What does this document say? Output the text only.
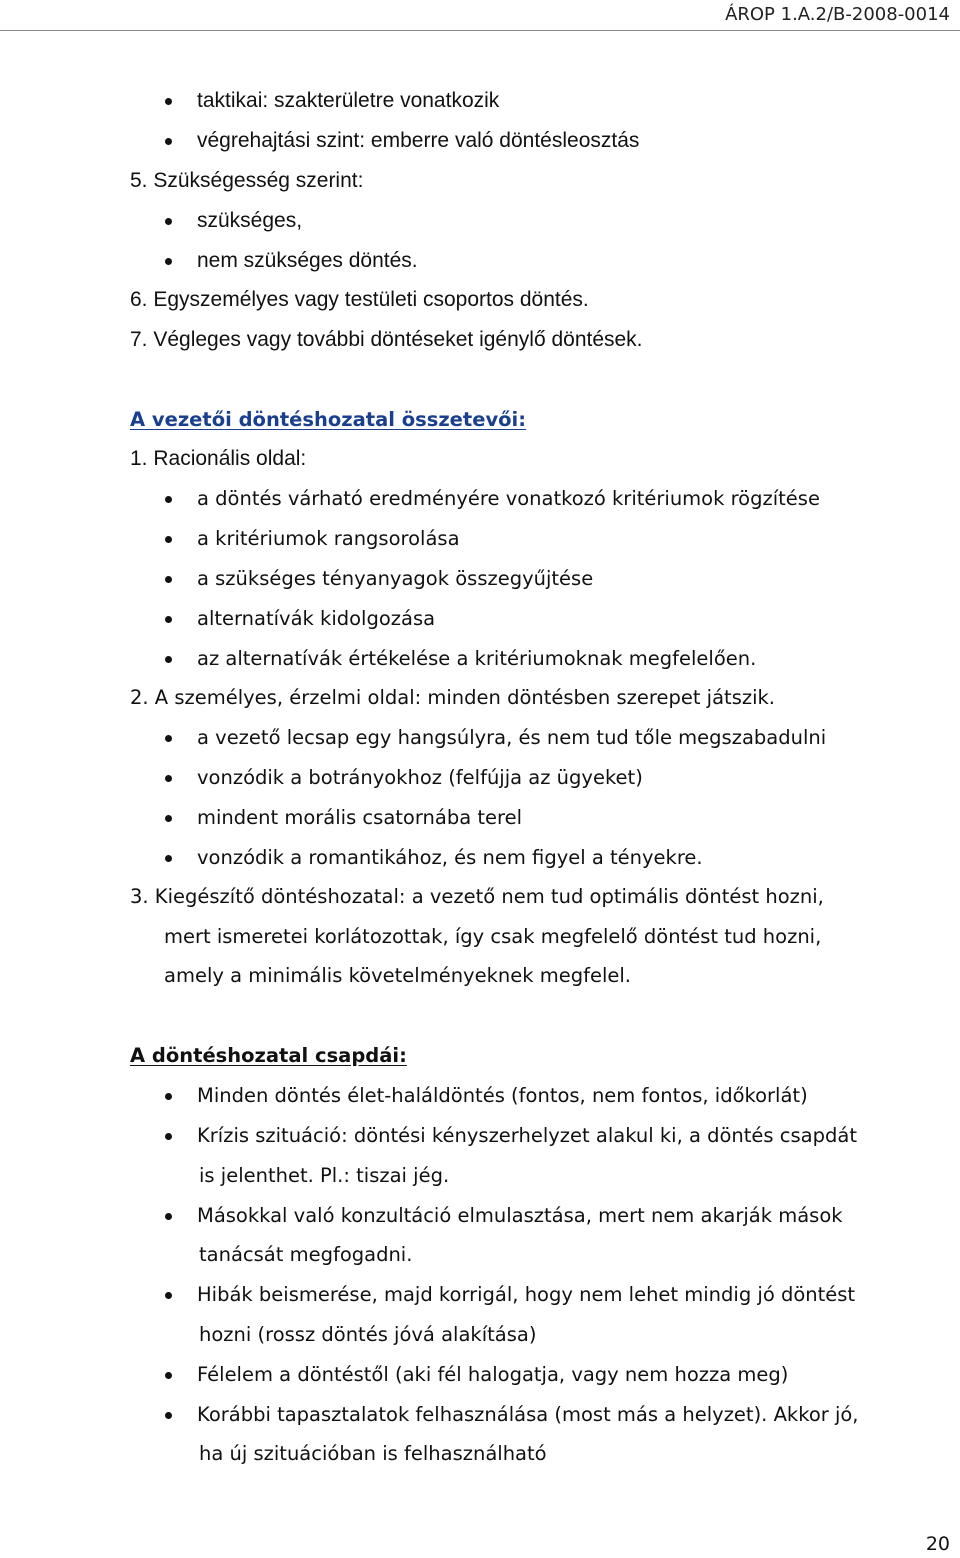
ÁROP 1.A.2/B-2008-0014
taktikai: szakterületre vonatkozik
végrehajtási szint: emberre való döntésleosztás
5. Szükségesség szerint:
szükséges,
nem szükséges döntés.
6. Egyszemélyes vagy testületi csoportos döntés.
7. Végleges vagy további döntéseket igénylő döntések.
A vezetői döntéshozatal összetevői:
1. Racionális oldal:
a döntés várható eredményére vonatkozó kritériumok rögzítése
a kritériumok rangsorolása
a szükséges tényanyagok összegyűjtése
alternatívák kidolgozása
az alternatívák értékelése a kritériumoknak megfelelően.
2. A személyes, érzelmi oldal: minden döntésben szerepet játszik.
a vezető lecsap egy hangsúlyra, és nem tud tőle megszabadulni
vonzódik a botrányokhoz (felfújja az ügyeket)
mindent morális csatornába terel
vonzódik a romantikához, és nem figyel a tényekre.
3. Kiegészítő döntéshozatal: a vezető nem tud optimális döntést hozni,
mert ismeretei korlátozottak, így csak megfelelő döntést tud hozni,
amely a minimális követelményeknek megfelel.
A döntéshozatal csapdái:
Minden döntés élet-haláldöntés (fontos, nem fontos, időkorlát)
Krízis szituáció: döntési kényszerhelyzet alakul ki, a döntés csapdát
is jelenthet. Pl.: tiszai jég.
Másokkal való konzultáció elmulasztása, mert nem akarják mások
tanácsát megfogadni.
Hibák beismerése, majd korrigál, hogy nem lehet mindig jó döntést
hozni (rossz döntés jóvá alakítása)
Félelem a döntéstől (aki fél halogatja, vagy nem hozza meg)
Korábbi tapasztalatok felhasználása (most más a helyzet). Akkor jó,
ha új szituációban is felhasználható
20
